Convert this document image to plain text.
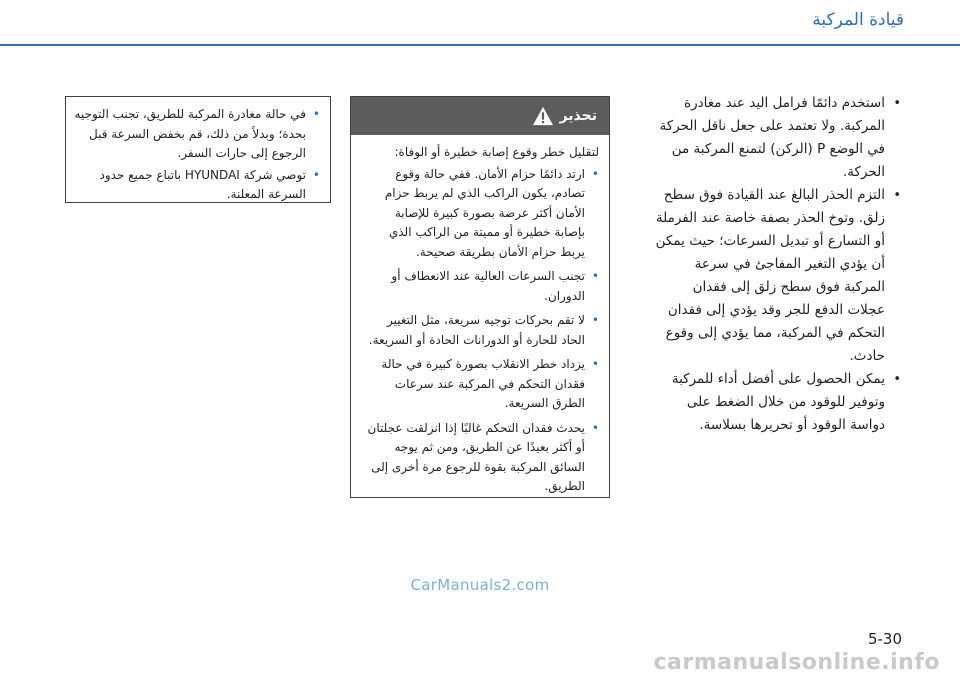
قيادة المركبة
•
استخدم دائمًا فرامل اليد عند مغادرة المركبة. ولا تعتمد على جعل ناقل الحركة في الوضع P (الركن) لتمنع المركبة من الحركة.
•
التزم الحذر البالغ عند القيادة فوق سطح زلق. وتوخ الحذر بصفة خاصة عند الفرملة أو التسارع أو تبديل السرعات؛ حيث يمكن أن يؤدي التغير المفاجئ في سرعة المركبة فوق سطح زلق إلى فقدان عجلات الدفع للجر وقد يؤدي إلى فقدان التحكم في المركبة، مما يؤدي إلى وقوع حادث.
•
يمكن الحصول على أفضل أداء للمركبة وتوفير للوقود من خلال الضغط على دواسة الوقود أو تحريرها بسلاسة.
تحذير

لتقليل خطر وقوع إصابة خطيرة أو الوفاة:

•
ارتد دائمًا حزام الأمان. ففي حالة وقوع تصادم، يكون الراكب الذي لم يربط حزام الأمان أكثر عرضة بصورة كبيرة للإصابة بإصابة خطيرة أو مميتة من الراكب الذي يربط حزام الأمان بطريقة صحيحة.
•
تجنب السرعات العالية عند الانعطاف أو الدوران.
•
لا تقم بحركات توجيه سريعة، مثل التغيير الحاد للحارة أو الدورانات الحادة أو السريعة.
•
يزداد خطر الانقلاب بصورة كبيرة في حالة فقدان التحكم في المركبة عند سرعات الطرق السريعة.
•
يحدث فقدان التحكم غالبًا إذا انزلقت عجلتان أو أكثر بعيدًا عن الطريق، ومن ثم يوجه السائق المركبة بقوة للرجوع مرة أخرى إلى الطريق.
•
في حالة مغادرة المركبة للطريق، تجنب التوجيه بحدة؛ وبدلاً من ذلك، قم بخفض السرعة قبل الرجوع إلى حارات السفر.
•
توصي شركة HYUNDAI باتباع جميع حدود السرعة المعلنة.
CarManuals2.com
5-30
carmanualsonline.info
